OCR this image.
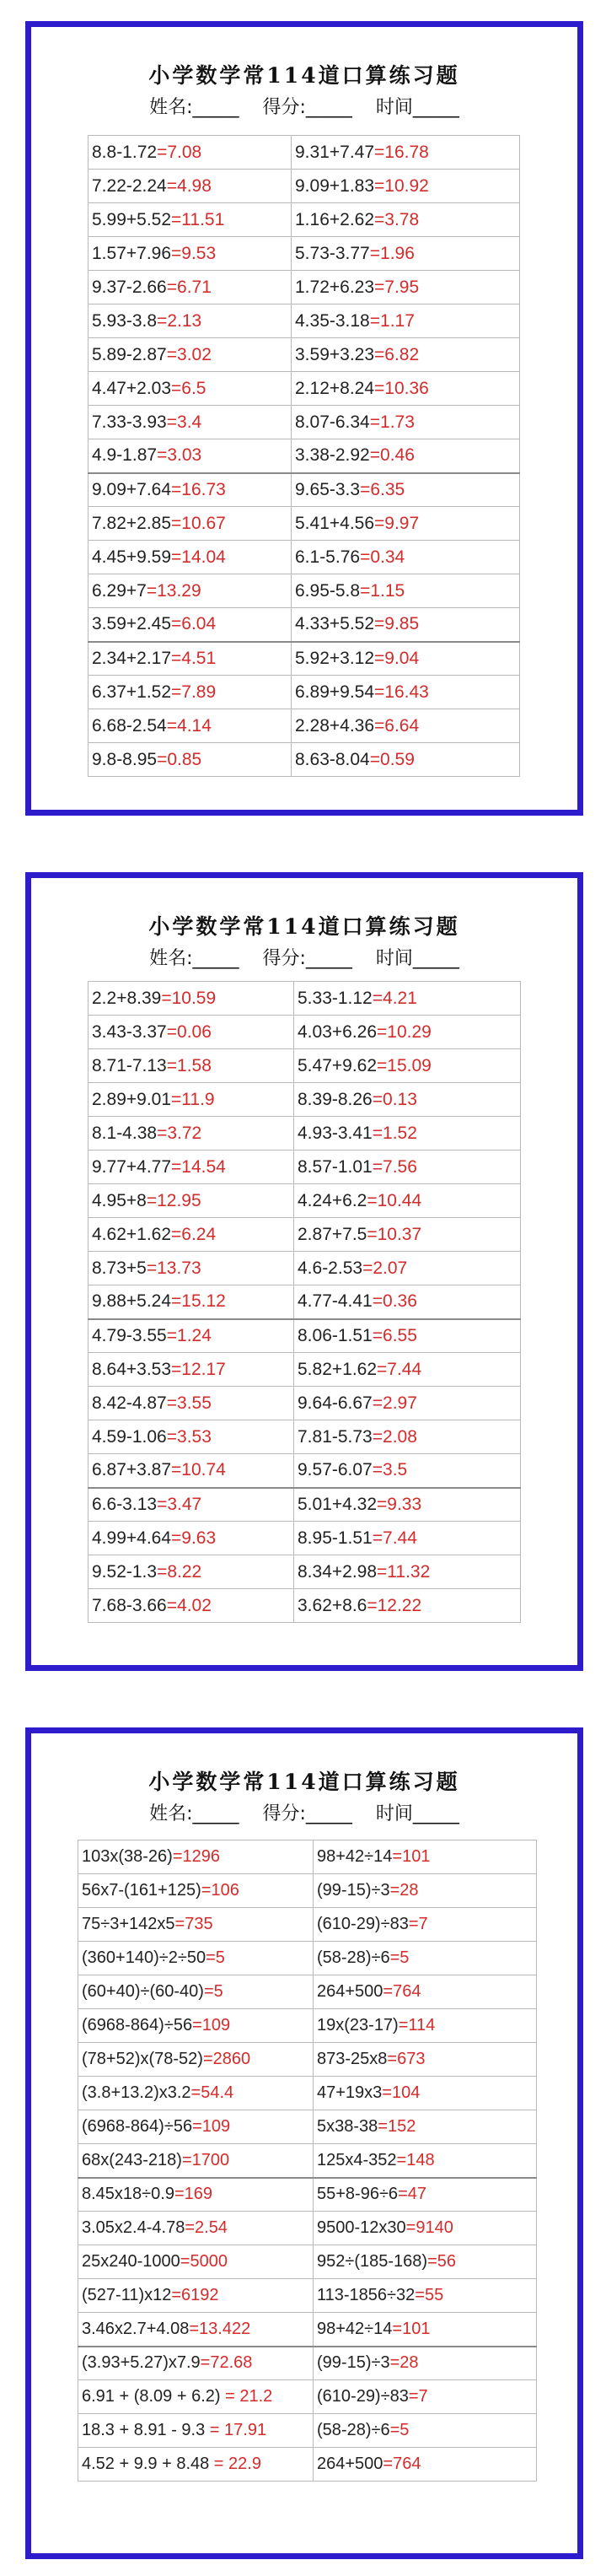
小学数学常114道口算练习题
姓名:_____    得分:_____    时间_____
8.8-1.72=7.08	9.31+7.47=16.78
7.22-2.24=4.98	9.09+1.83=10.92
5.99+5.52=11.51	1.16+2.62=3.78
1.57+7.96=9.53	5.73-3.77=1.96
9.37-2.66=6.71	1.72+6.23=7.95
5.93-3.8=2.13	4.35-3.18=1.17
5.89-2.87=3.02	3.59+3.23=6.82
4.47+2.03=6.5	2.12+8.24=10.36
7.33-3.93=3.4	8.07-6.34=1.73
4.9-1.87=3.03	3.38-2.92=0.46
9.09+7.64=16.73	9.65-3.3=6.35
7.82+2.85=10.67	5.41+4.56=9.97
4.45+9.59=14.04	6.1-5.76=0.34
6.29+7=13.29	6.95-5.8=1.15
3.59+2.45=6.04	4.33+5.52=9.85
2.34+2.17=4.51	5.92+3.12=9.04
6.37+1.52=7.89	6.89+9.54=16.43
6.68-2.54=4.14	2.28+4.36=6.64
9.8-8.95=0.85	8.63-8.04=0.59
小学数学常114道口算练习题
姓名:_____    得分:_____    时间_____
2.2+8.39=10.59	5.33-1.12=4.21
3.43-3.37=0.06	4.03+6.26=10.29
8.71-7.13=1.58	5.47+9.62=15.09
2.89+9.01=11.9	8.39-8.26=0.13
8.1-4.38=3.72	4.93-3.41=1.52
9.77+4.77=14.54	8.57-1.01=7.56
4.95+8=12.95	4.24+6.2=10.44
4.62+1.62=6.24	2.87+7.5=10.37
8.73+5=13.73	4.6-2.53=2.07
9.88+5.24=15.12	4.77-4.41=0.36
4.79-3.55=1.24	8.06-1.51=6.55
8.64+3.53=12.17	5.82+1.62=7.44
8.42-4.87=3.55	9.64-6.67=2.97
4.59-1.06=3.53	7.81-5.73=2.08
6.87+3.87=10.74	9.57-6.07=3.5
6.6-3.13=3.47	5.01+4.32=9.33
4.99+4.64=9.63	8.95-1.51=7.44
9.52-1.3=8.22	8.34+2.98=11.32
7.68-3.66=4.02	3.62+8.6=12.22
小学数学常114道口算练习题
姓名:_____    得分:_____    时间_____
103x(38-26)=1296	98+42÷14=101
56x7-(161+125)=106	(99-15)÷3=28
75÷3+142x5=735	(610-29)÷83=7
(360+140)÷2÷50=5	(58-28)÷6=5
(60+40)÷(60-40)=5	264+500=764
(6968-864)÷56=109	19x(23-17)=114
(78+52)x(78-52)=2860	873-25x8=673
(3.8+13.2)x3.2=54.4	47+19x3=104
(6968-864)÷56=109	5x38-38=152
68x(243-218)=1700	125x4-352=148
8.45x18÷0.9=169	55+8-96÷6=47
3.05x2.4-4.78=2.54	9500-12x30=9140
25x240-1000=5000	952÷(185-168)=56
(527-11)x12=6192	113-1856÷32=55
3.46x2.7+4.08=13.422	98+42÷14=101
(3.93+5.27)x7.9=72.68	(99-15)÷3=28
6.91 + (8.09 + 6.2) = 21.2	(610-29)÷83=7
18.3 + 8.91 - 9.3 = 17.91	(58-28)÷6=5
4.52 + 9.9 + 8.48 = 22.9	264+500=764
